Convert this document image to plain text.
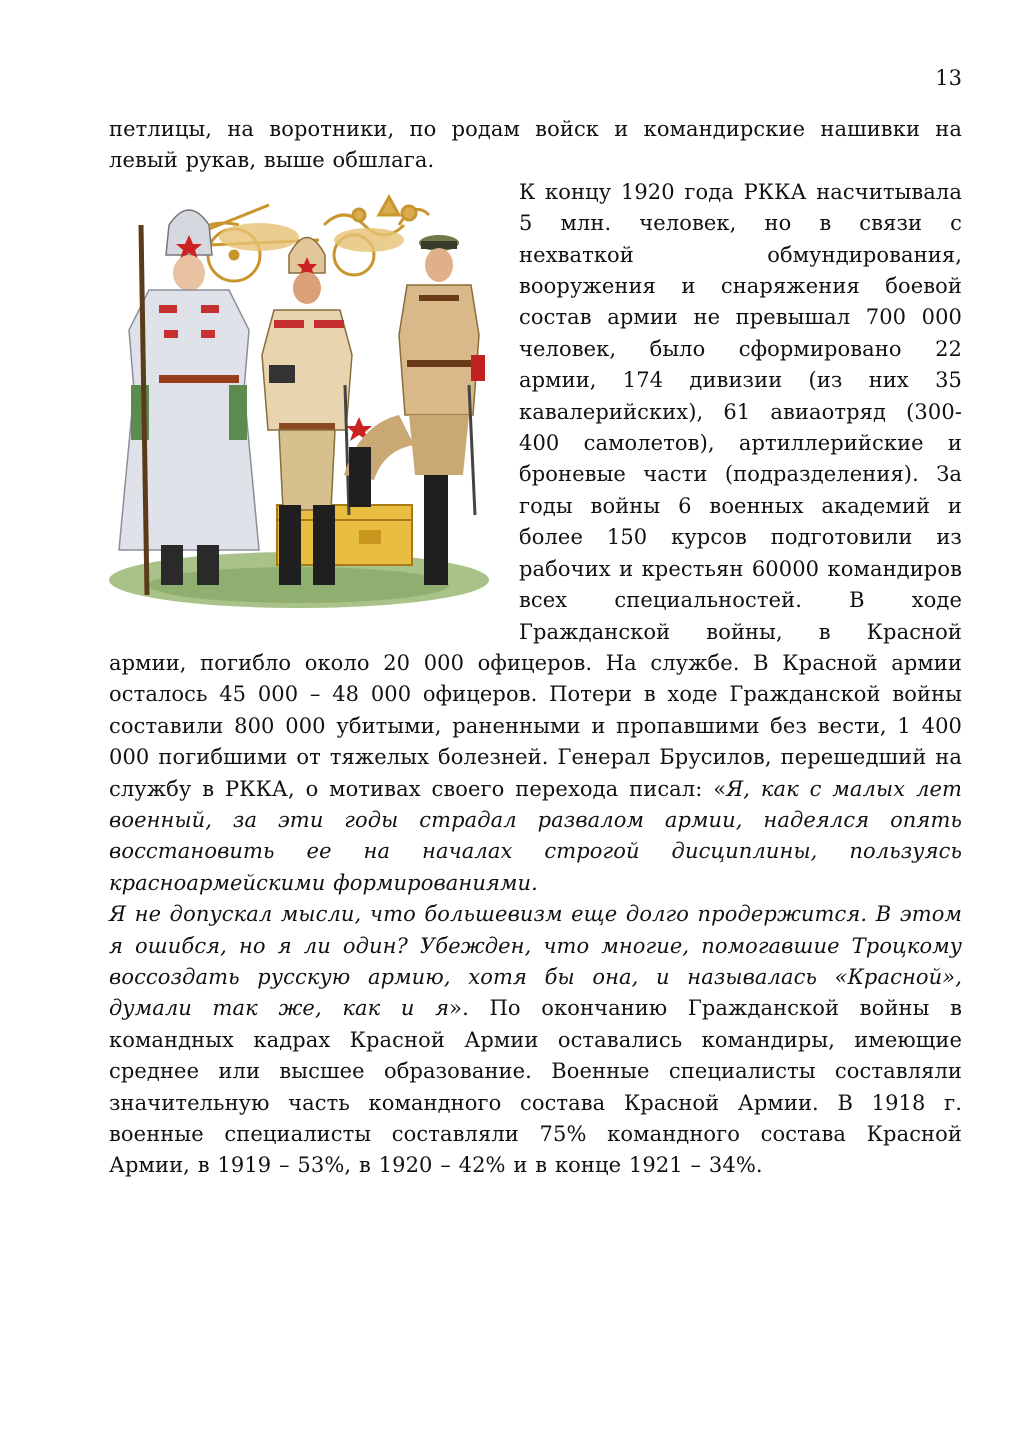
13

петлицы, на воротники, по родам войск и командирские нашивки на левый рукав, выше обшлага.

К концу 1920 года РККА насчитывала 5 млн. человек, но в связи с нехваткой обмундирования, вооружения и снаряжения боевой состав армии не превышал 700 000 человек, было сформировано 22 армии, 174 дивизии (из них 35 кавалерийских), 61 авиаотряд (300-400 самолетов), артиллерийские и броневые части (подразделения). За годы войны 6 военных академий и более 150 курсов подготовили из рабочих и крестьян 60000 командиров всех специальностей. В ходе Гражданской войны, в Красной армии, погибло около 20 000 офицеров. На службе. В Красной армии осталось 45 000 – 48 000 офицеров. Потери в ходе Гражданской войны составили 800 000 убитыми, раненными и пропавшими без вести, 1 400 000 погибшими от тяжелых болезней. Генерал Брусилов, перешедший на службу в РККА, о мотивах своего перехода писал: «Я, как с малых лет военный, за эти годы страдал развалом армии, надеялся опять восстановить ее на началах строгой дисциплины, пользуясь красноармейскими формированиями.

Я не допускал мысли, что большевизм еще долго продержится. В этом я ошибся, но я ли один? Убежден, что многие, помогавшие Троцкому воссоздать русскую армию, хотя бы она, и называлась «Красной», думали так же, как и я». По окончанию Гражданской войны в командных кадрах Красной Армии оставались командиры, имеющие среднее или высшее образование. Военные специалисты составляли значительную часть командного состава Красной Армии. В 1918 г. военные специалисты составляли 75% командного состава Красной Армии, в 1919 – 53%, в 1920 – 42% и в конце 1921 – 34%.
